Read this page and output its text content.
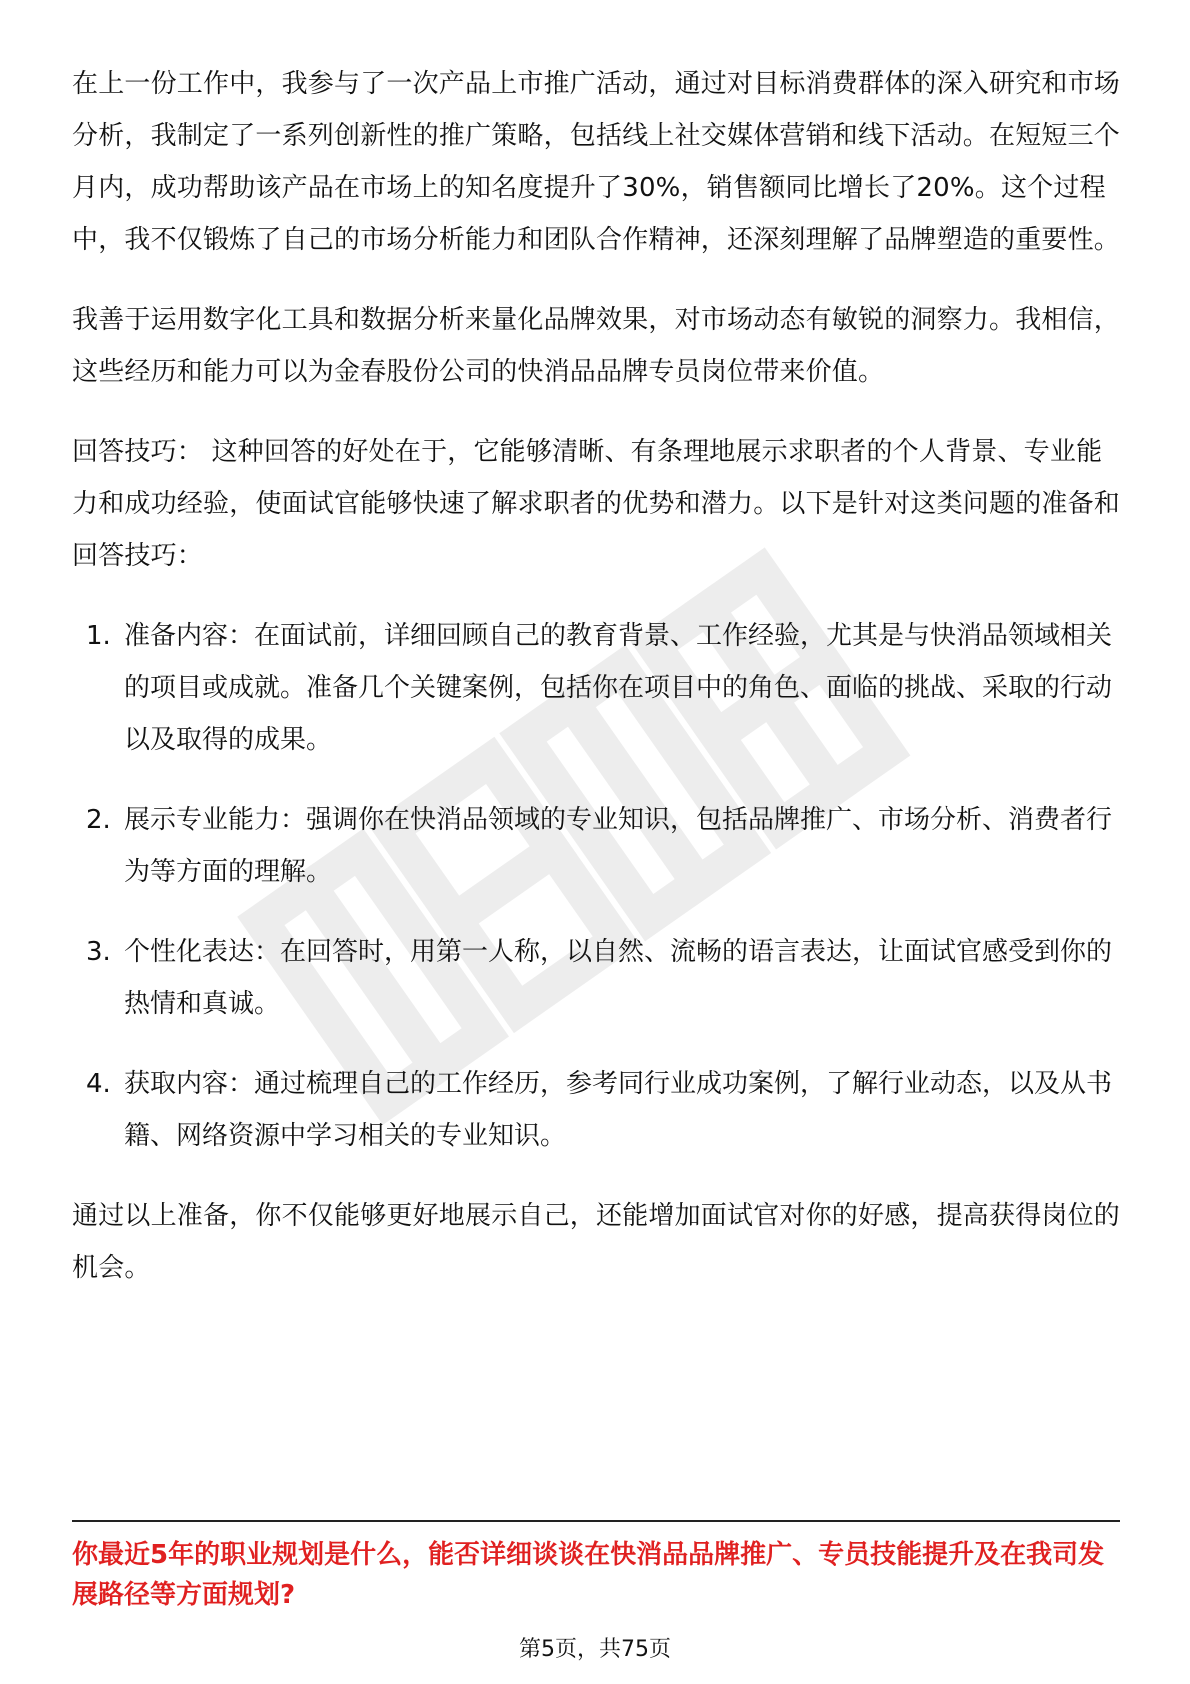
在上一份工作中，我参与了一次产品上市推广活动，通过对目标消费群体的深入研究和市场分析，我制定了一系列创新性的推广策略，包括线上社交媒体营销和线下活动。在短短三个月内，成功帮助该产品在市场上的知名度提升了30%，销售额同比增长了20%。这个过程中，我不仅锻炼了自己的市场分析能力和团队合作精神，还深刻理解了品牌塑造的重要性。

我善于运用数字化工具和数据分析来量化品牌效果，对市场动态有敏锐的洞察力。我相信，这些经历和能力可以为金春股份公司的快消品品牌专员岗位带来价值。

回答技巧： 这种回答的好处在于，它能够清晰、有条理地展示求职者的个人背景、专业能力和成功经验，使面试官能够快速了解求职者的优势和潜力。以下是针对这类问题的准备和回答技巧：

1. 准备内容：在面试前，详细回顾自己的教育背景、工作经验，尤其是与快消品领域相关的项目或成就。准备几个关键案例，包括你在项目中的角色、面临的挑战、采取的行动以及取得的成果。
2. 展示专业能力：强调你在快消品领域的专业知识，包括品牌推广、市场分析、消费者行为等方面的理解。
3. 个性化表达：在回答时，用第一人称，以自然、流畅的语言表达，让面试官感受到你的热情和真诚。
4. 获取内容：通过梳理自己的工作经历，参考同行业成功案例，了解行业动态，以及从书籍、网络资源中学习相关的专业知识。

通过以上准备，你不仅能够更好地展示自己，还能增加面试官对你的好感，提高获得岗位的机会。

你最近5年的职业规划是什么，能否详细谈谈在快消品品牌推广、专员技能提升及在我司发展路径等方面规划?
第5页，共75页
